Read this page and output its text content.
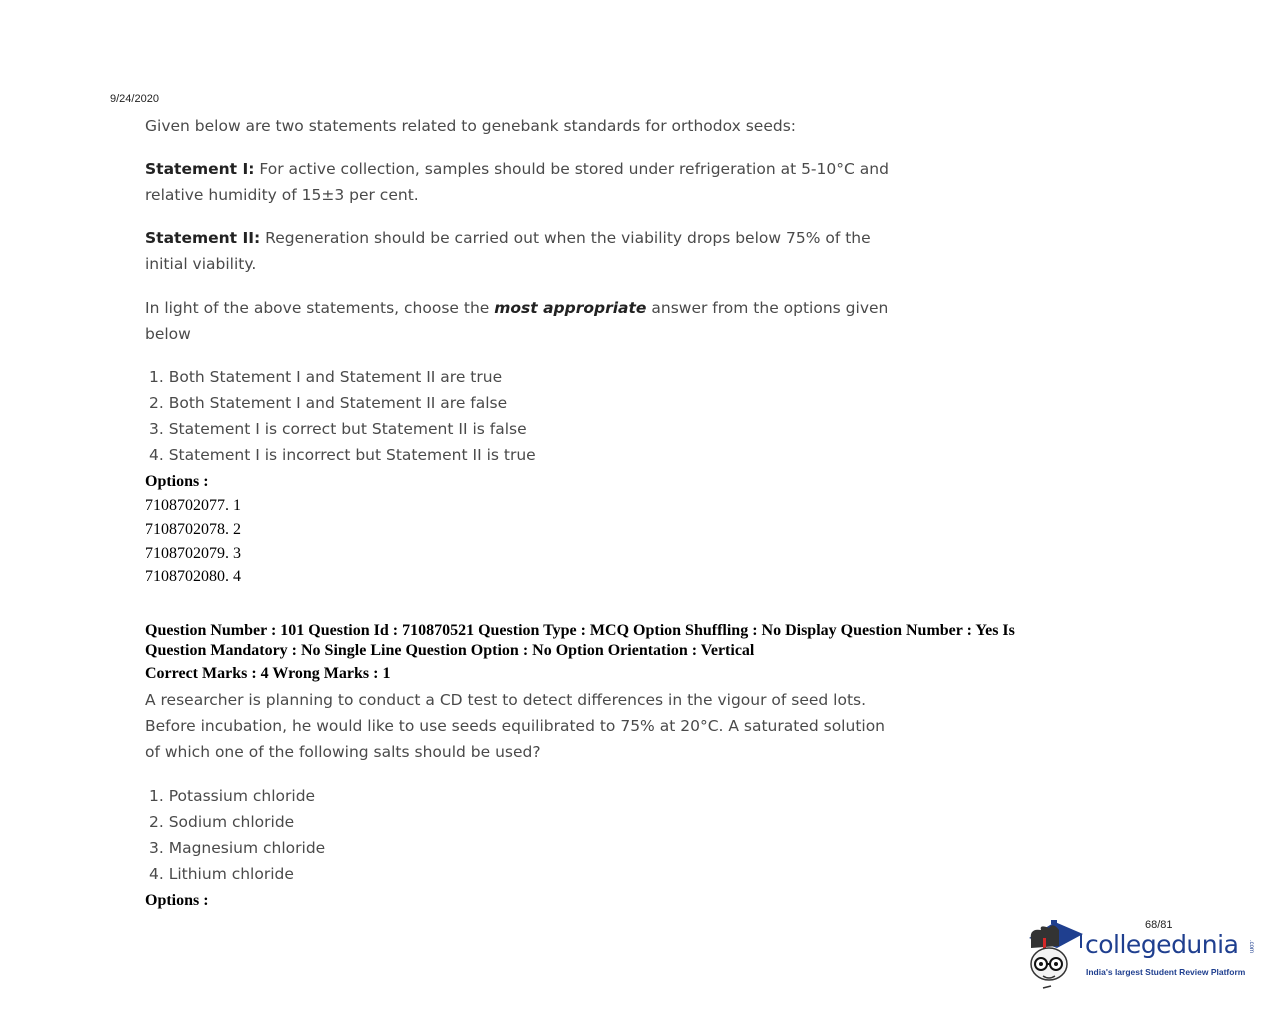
9/24/2020
Given below are two statements related to genebank standards for orthodox seeds:
Statement I: For active collection, samples should be stored under refrigeration at 5-10°C and
relative humidity of 15±3 per cent.
Statement II: Regeneration should be carried out when the viability drops below 75% of the
initial viability.
In light of the above statements, choose the most appropriate answer from the options given
below
1. Both Statement I and Statement II are true
2. Both Statement I and Statement II are false
3. Statement I is correct but Statement II is false
4. Statement I is incorrect but Statement II is true
Options :
7108702077. 1
7108702078. 2
7108702079. 3
7108702080. 4
Question Number : 101 Question Id : 710870521 Question Type : MCQ Option Shuffling : No Display Question Number : Yes Is
Question Mandatory : No Single Line Question Option : No Option Orientation : Vertical
Correct Marks : 4 Wrong Marks : 1
A researcher is planning to conduct a CD test to detect differences in the vigour of seed lots.
Before incubation, he would like to use seeds equilibrated to 75% at 20°C. A saturated solution
of which one of the following salts should be used?
1. Potassium chloride
2. Sodium chloride
3. Magnesium chloride
4. Lithium chloride
Options :
68/81
collegedunia .com
India's largest Student Review Platform
